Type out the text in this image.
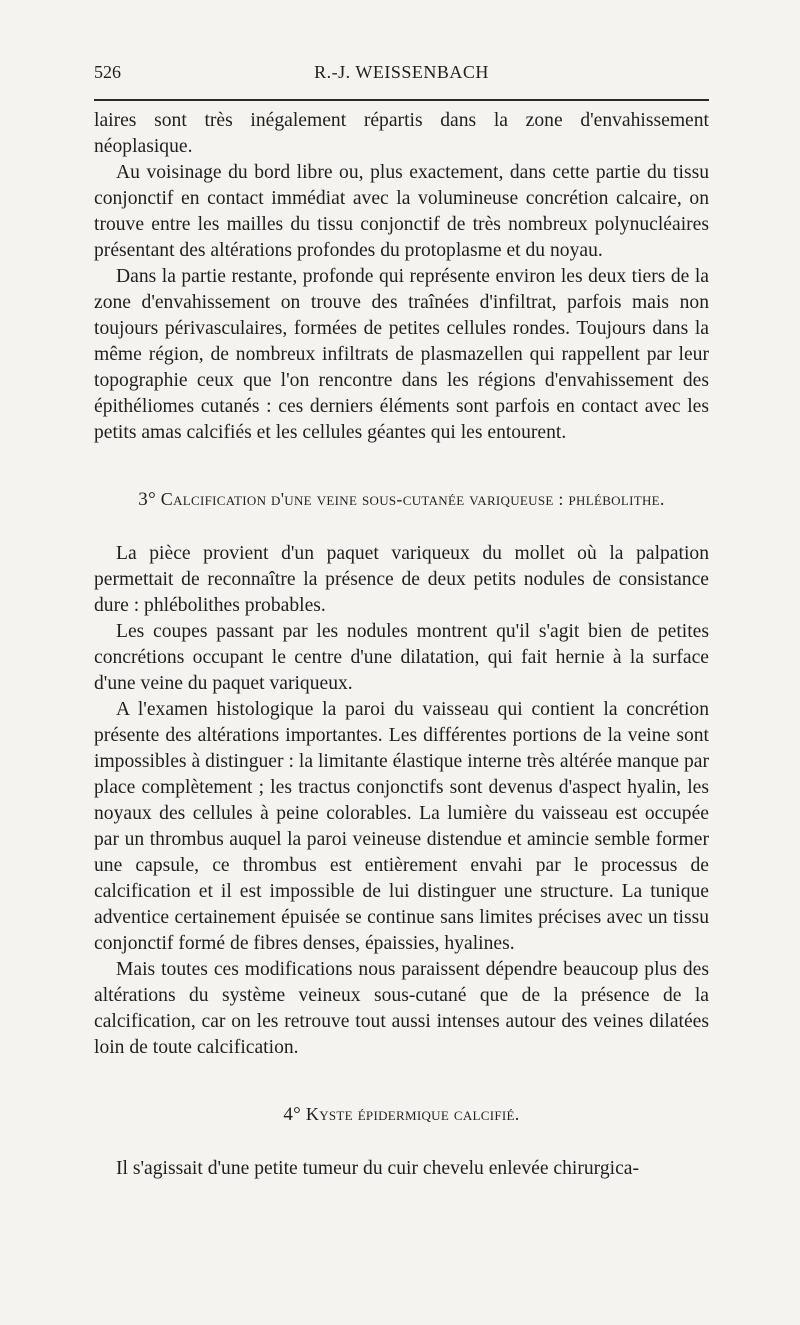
526	R.-J. WEISSENBACH

laires sont très inégalement répartis dans la zone d'envahissement néoplasique.

Au voisinage du bord libre ou, plus exactement, dans cette partie du tissu conjonctif en contact immédiat avec la volumineuse concrétion calcaire, on trouve entre les mailles du tissu conjonctif de très nombreux polynucléaires présentant des altérations profondes du protoplasme et du noyau.

Dans la partie restante, profonde qui représente environ les deux tiers de la zone d'envahissement on trouve des traînées d'infiltrat, parfois mais non toujours périvasculaires, formées de petites cellules rondes. Toujours dans la même région, de nombreux infiltrats de plasmazellen qui rappellent par leur topographie ceux que l'on rencontre dans les régions d'envahissement des épithéliomes cutanés : ces derniers éléments sont parfois en contact avec les petits amas calcifiés et les cellules géantes qui les entourent.

3° Calcification d'une veine sous-cutanée variqueuse : phlébolithe.

La pièce provient d'un paquet variqueux du mollet où la palpation permettait de reconnaître la présence de deux petits nodules de consistance dure : phlébolithes probables.

Les coupes passant par les nodules montrent qu'il s'agit bien de petites concrétions occupant le centre d'une dilatation, qui fait hernie à la surface d'une veine du paquet variqueux.

A l'examen histologique la paroi du vaisseau qui contient la concrétion présente des altérations importantes. Les différentes portions de la veine sont impossibles à distinguer : la limitante élastique interne très altérée manque par place complètement ; les tractus conjonctifs sont devenus d'aspect hyalin, les noyaux des cellules à peine colorables. La lumière du vaisseau est occupée par un thrombus auquel la paroi veineuse distendue et amincie semble former une capsule, ce thrombus est entièrement envahi par le processus de calcification et il est impossible de lui distinguer une structure. La tunique adventice certainement épuisée se continue sans limites précises avec un tissu conjonctif formé de fibres denses, épaissies, hyalines.

Mais toutes ces modifications nous paraissent dépendre beaucoup plus des altérations du système veineux sous-cutané que de la présence de la calcification, car on les retrouve tout aussi intenses autour des veines dilatées loin de toute calcification.

4° Kyste épidermique calcifié.

Il s'agissait d'une petite tumeur du cuir chevelu enlevée chirurgica-
